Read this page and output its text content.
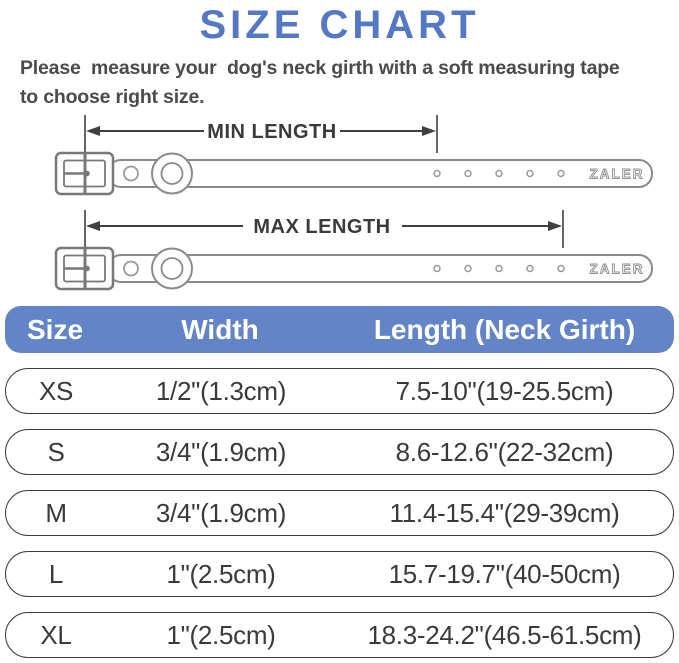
SIZE CHART
Please  measure your  dog's neck girth with a soft measuring tape
to choose right size.
MIN LENGTH
ZALER
MAX LENGTH
ZALER
Size	Width	Length (Neck Girth)
XS	1/2"(1.3cm)	7.5-10"(19-25.5cm)
S	3/4"(1.9cm)	8.6-12.6"(22-32cm)
M	3/4"(1.9cm)	11.4-15.4"(29-39cm)
L	1"(2.5cm)	15.7-19.7"(40-50cm)
XL	1"(2.5cm)	18.3-24.2"(46.5-61.5cm)
